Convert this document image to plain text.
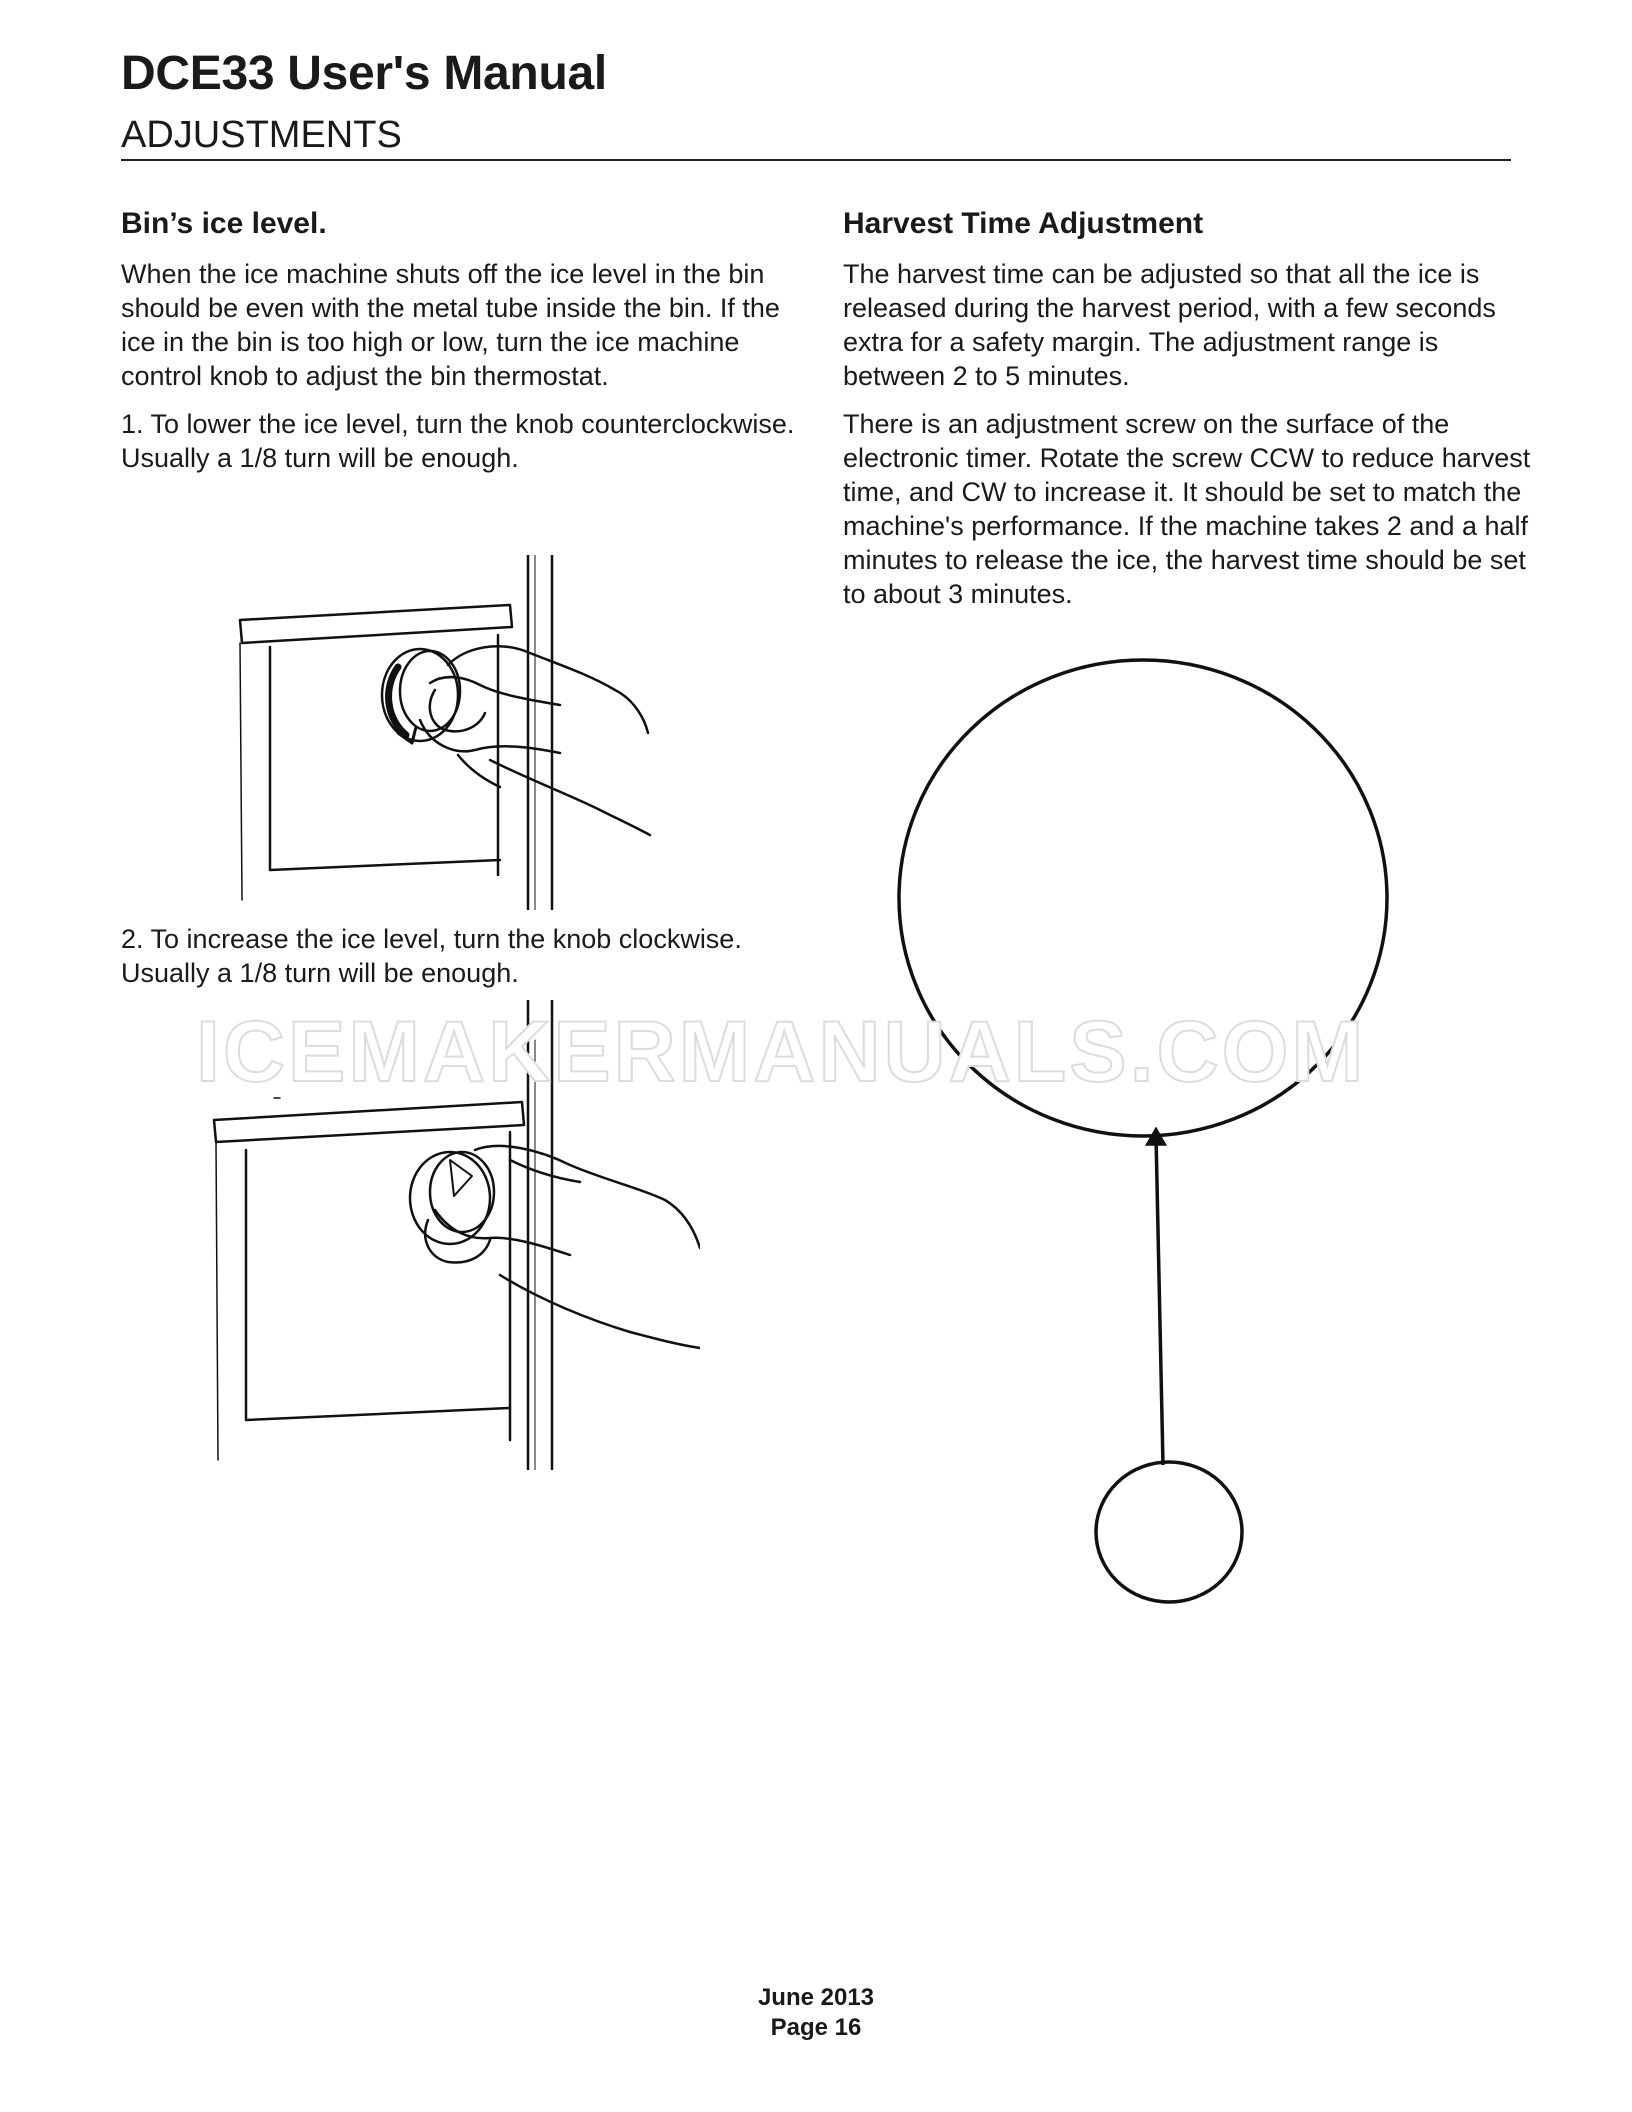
DCE33 User's Manual
ADJUSTMENTS
Bin’s ice level.

When the ice machine shuts off the ice level in the bin should be even with the metal tube inside the bin. If the ice in the bin is too high or low, turn the ice machine control knob to adjust the bin thermostat.

1. To lower the ice level, turn the knob counterclockwise. Usually a 1/8 turn will be enough.

2. To increase the ice level, turn the knob clockwise. Usually a 1/8 turn will be enough.

Harvest Time Adjustment

The harvest time can be adjusted so that all the ice is released during the harvest period, with a few seconds extra for a safety margin. The adjustment range is between 2 to 5 minutes.

There is an adjustment screw on the surface of the electronic timer. Rotate the screw CCW to reduce harvest time, and CW to increase it. It should be set to match the machine's performance. If the machine takes 2 and a half minutes to release the ice, the harvest time should be set to about 3 minutes.

ICEMAKERMANUALS.COM

June 2013
Page 16
